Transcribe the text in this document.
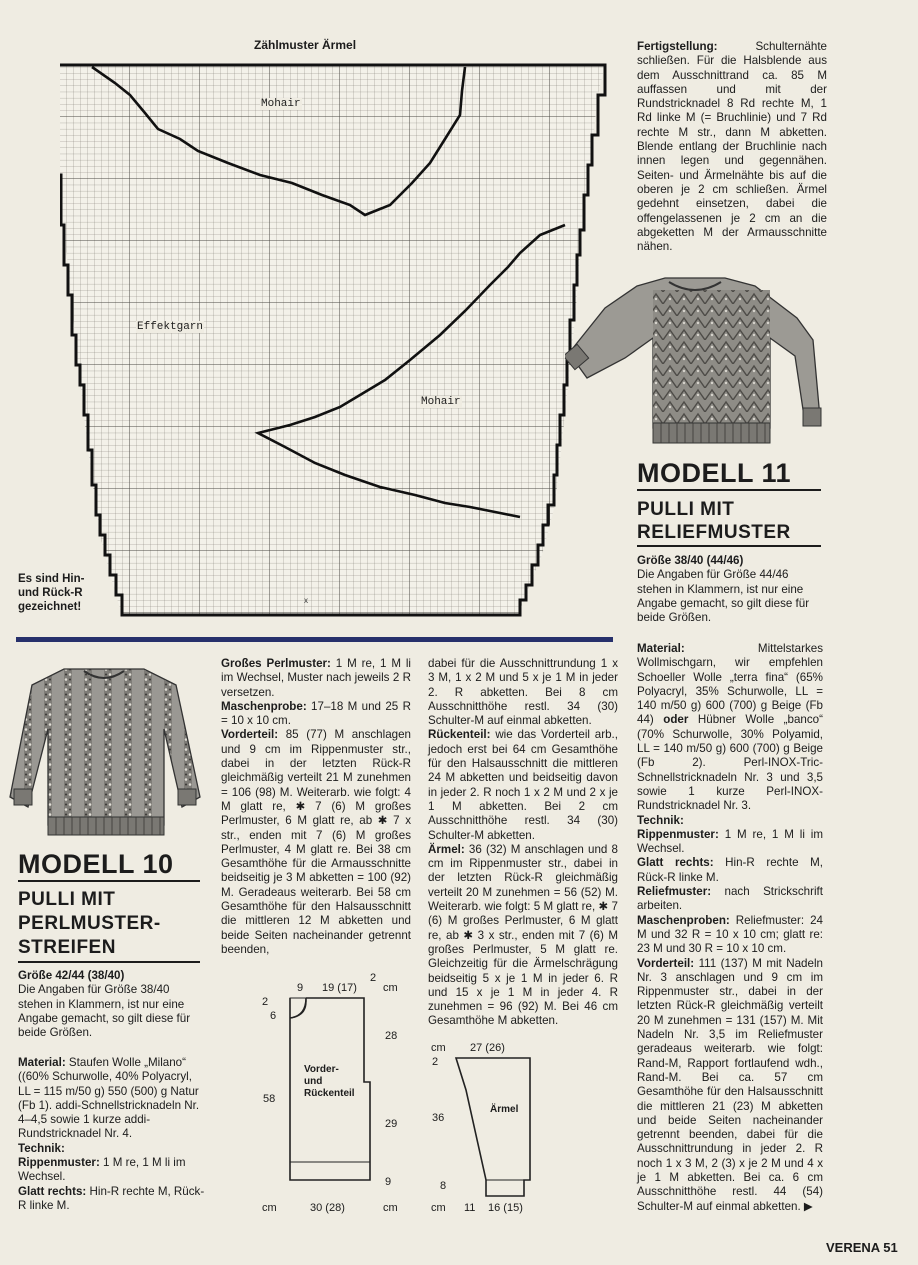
Zählmuster Ärmel
x
Mohair
Effektgarn
Mohair
Es sind Hin-
und Rück-R
gezeichnet!
Fertigstellung:	Schulternähte schließen. Für die Halsblende aus dem Ausschnittrand ca. 85 M auffassen und mit der Rundstricknadel 8 Rd rechte M, 1 Rd linke M (= Bruchlinie) und 7 Rd rechte M str., dann M abketten. Blende entlang der Bruchlinie nach innen legen und gegennähen. Seiten- und Ärmelnähte bis auf die oberen je 2 cm schließen. Ärmel gedehnt einsetzen, dabei die offengelassenen je 2 cm an die abgeketten M der Armausschnitte nähen.
MODELL 11
PULLI MIT
RELIEFMUSTER
Größe 38/40 (44/46)
Die Angaben für Größe 44/46 stehen in Klammern, ist nur eine Angabe gemacht, so gilt diese für beide Größen.

Material:	Mittelstarkes Wollmischgarn, wir empfehlen Schoeller Wolle „terra fina“ (65% Polyacryl, 35% Schurwolle, LL = 140 m/50 g) 600 (700) g Beige (Fb 44) oder Hübner Wolle „banco“ (70% Schurwolle, 30% Polyamid, LL = 140 m/50 g) 600 (700) g Beige (Fb 2). Perl-INOX-Tric-Schnellstricknadeln Nr. 3 und 3,5 sowie 1 kurze Perl-INOX-Rundstricknadel Nr. 3.

Technik:

Rippenmuster: 1 M re, 1 M li im Wechsel.

Glatt rechts: Hin-R rechte M, Rück-R linke M.

Reliefmuster: nach Strickschrift arbeiten.

Maschenproben: Reliefmuster: 24 M und 32 R = 10 x 10 cm; glatt re: 23 M und 30 R = 10 x 10 cm.

Vorderteil: 111 (137) M mit Nadeln Nr. 3 anschlagen und 9 cm im Rippenmuster str., dabei in der letzten Rück-R gleichmäßig verteilt 20 M zunehmen = 131 (157) M. Mit Nadeln Nr. 3,5 im Reliefmuster geradeaus weiterarb. wie folgt: Rand-M, Rapport fortlaufend wdh., Rand-M. Bei ca. 57 cm Gesamthöhe für den Halsausschnitt die mittleren 21 (23) M abketten und beide Seiten nacheinander getrennt beenden, dabei für die Ausschnittrundung in jeder 2. R noch 1 x 3 M, 2 (3) x je 2 M und 4 x je 1 M abketten. Bei ca. 6 cm Ausschnitthöhe restl. 44 (54) Schulter-M auf einmal abketten. ▶

MODELL 10
PULLI MIT
PERLMUSTER-
STREIFEN
Größe 42/44 (38/40)
Die Angaben für Größe 38/40 stehen in Klammern, ist nur eine Angabe gemacht, so gilt diese für beide Größen.

Material: Staufen Wolle „Milano“ ((60% Schurwolle, 40% Polyacryl, LL = 115 m/50 g) 550 (500) g Natur (Fb 1). addi-Schnellstricknadeln Nr. 4–4,5 sowie 1 kurze addi-Rundstricknadel Nr. 4.

Technik:

Rippenmuster: 1 M re, 1 M li im Wechsel.

Glatt rechts: Hin-R rechte M, Rück-R linke M.

Großes Perlmuster: 1 M re, 1 M li im Wechsel, Muster nach jeweils 2 R versetzen.

Maschenprobe: 17–18 M und 25 R = 10 x 10 cm.

Vorderteil: 85 (77) M anschlagen und 9 cm im Rippenmuster str., dabei in der letzten Rück-R gleichmäßig verteilt 21 M zunehmen = 106 (98) M. Weiterarb. wie folgt: 4 M glatt re, ✱ 7 (6) M großes Perlmuster, 6 M glatt re, ab ✱ 7 x str., enden mit 7 (6) M großes Perlmuster, 4 M glatt re. Bei 38 cm Gesamthöhe für die Armausschnitte beidseitig je 3 M abketten = 100 (92) M. Geradeaus weiterarb. Bei 58 cm Gesamthöhe für den Halsausschnitt die mittleren 12 M abketten und beide Seiten nacheinander getrennt beenden,

dabei für die Ausschnittrundung 1 x 3 M, 1 x 2 M und 5 x je 1 M in jeder 2. R abketten. Bei 8 cm Ausschnitthöhe restl. 34 (30) Schulter-M auf einmal abketten.

Rückenteil: wie das Vorderteil arb., jedoch erst bei 64 cm Gesamthöhe für den Halsausschnitt die mittleren 24 M abketten und beidseitig davon in jeder 2. R noch 1 x 2 M und 2 x je 1 M abketten. Bei 2 cm Ausschnitthöhe restl. 34 (30) Schulter-M abketten.

Ärmel: 36 (32) M anschlagen und 8 cm im Rippenmuster str., dabei in der letzten Rück-R gleichmäßig verteilt 20 M zunehmen = 56 (52) M. Weiterarb. wie folgt: 5 M glatt re, ✱ 7 (6) M großes Perlmuster, 6 M glatt re, ab ✱ 3 x str., enden mit 7 (6) M großes Perlmuster, 5 M glatt re. Gleichzeitig für die Ärmelschrägung beidseitig 5 x je 1 M in jeder 6. R und 15 x je 1 M in jeder 4. R zunehmen = 96 (92) M. Bei 46 cm Gesamthöhe M abketten.

9 19 (17)
2
cm
2
6
58
28
29
9
Vorder-
und
Rückenteil
cm	30 (28)	cm
cm 27 (26)
2
36
8
Ärmel
cm 11 16 (15)
VERENA 51
